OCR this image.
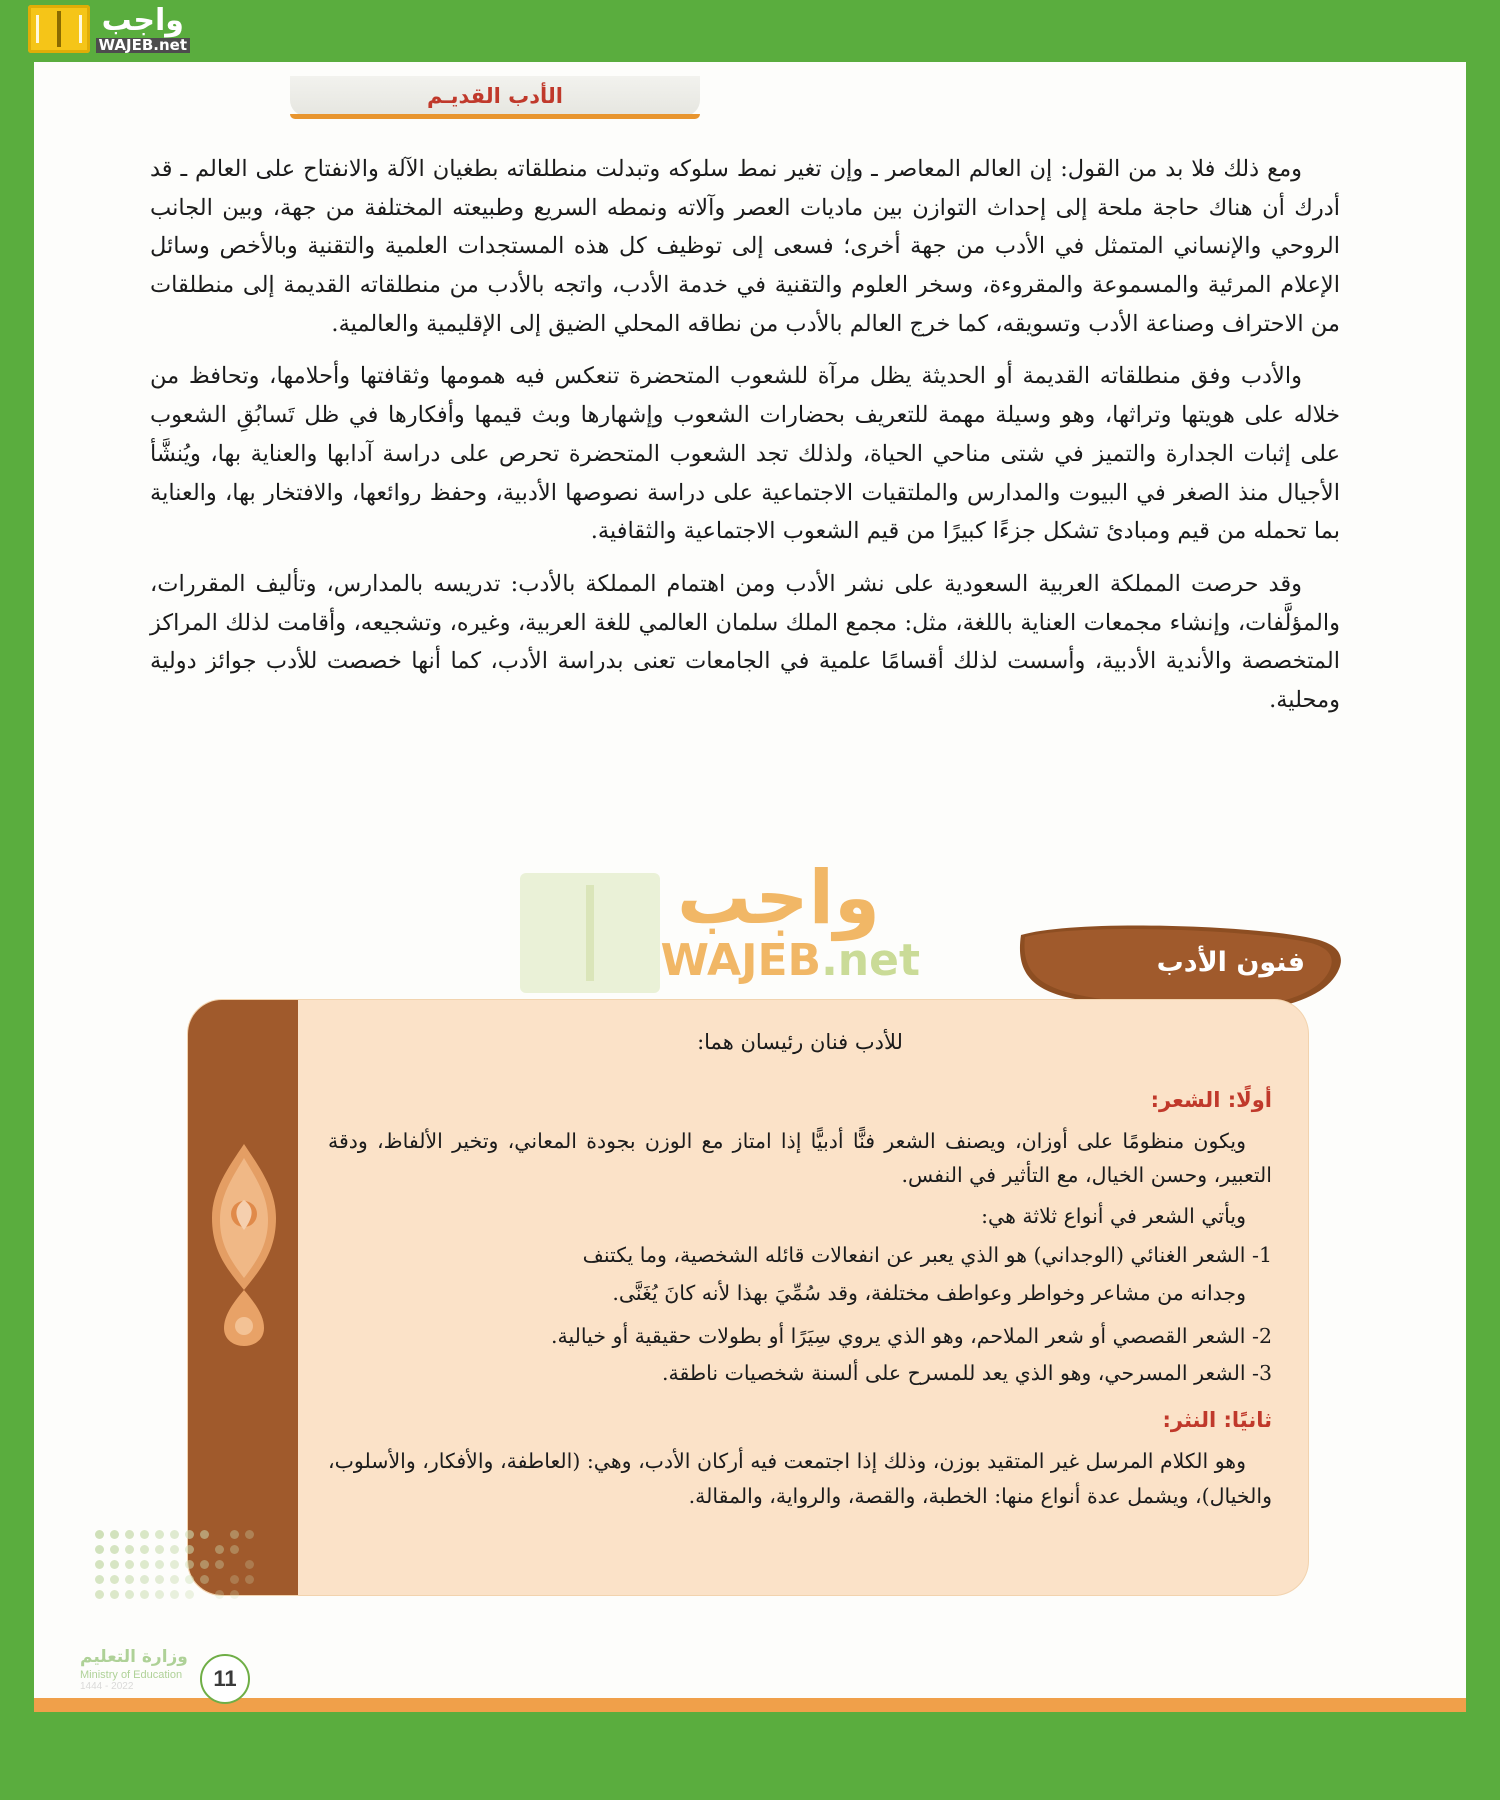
واجب
WAJEB.net
الأدب القديـم

ومع ذلك فلا بد من القول: إن العالم المعاصر ـ وإن تغير نمط سلوكه وتبدلت منطلقاته بطغيان الآلة والانفتاح على العالم ـ قد أدرك أن هناك حاجة ملحة إلى إحداث التوازن بين ماديات العصر وآلاته ونمطه السريع وطبيعته المختلفة من جهة، وبين الجانب الروحي والإنساني المتمثل في الأدب من جهة أخرى؛ فسعى إلى توظيف كل هذه المستجدات العلمية والتقنية وبالأخص وسائل الإعلام المرئية والمسموعة والمقروءة، وسخر العلوم والتقنية في خدمة الأدب، واتجه بالأدب من منطلقاته القديمة إلى منطلقات من الاحتراف وصناعة الأدب وتسويقه، كما خرج العالم بالأدب من نطاقه المحلي الضيق إلى الإقليمية والعالمية.

والأدب وفق منطلقاته القديمة أو الحديثة يظل مرآة للشعوب المتحضرة تنعكس فيه همومها وثقافتها وأحلامها، وتحافظ من خلاله على هويتها وتراثها، وهو وسيلة مهمة للتعريف بحضارات الشعوب وإشهارها وبث قيمها وأفكارها في ظل تَسابُقِ الشعوب على إثبات الجدارة والتميز في شتى مناحي الحياة، ولذلك تجد الشعوب المتحضرة تحرص على دراسة آدابها والعناية بها، ويُنشَّأ الأجيال منذ الصغر في البيوت والمدارس والملتقيات الاجتماعية على دراسة نصوصها الأدبية، وحفظ روائعها، والافتخار بها، والعناية بما تحمله من قيم ومبادئ تشكل جزءًا كبيرًا من قيم الشعوب الاجتماعية والثقافية.

وقد حرصت المملكة العربية السعودية على نشر الأدب ومن اهتمام المملكة بالأدب: تدريسه بالمدارس، وتأليف المقررات، والمؤلَّفات، وإنشاء مجمعات العناية باللغة، مثل: مجمع الملك سلمان العالمي للغة العربية، وغيره، وتشجيعه، وأقامت لذلك المراكز المتخصصة والأندية الأدبية، وأسست لذلك أقسامًا علمية في الجامعات تعنى بدراسة الأدب، كما أنها خصصت للأدب جوائز دولية ومحلية.

واجب
WAJEB.net	فنون الأدب

للأدب فنان رئيسان هما:

أولًا: الشعر:

ويكون منظومًا على أوزان، ويصنف الشعر فنًّا أدبيًّا إذا امتاز مع الوزن بجودة المعاني، وتخير الألفاظ، ودقة التعبير، وحسن الخيال، مع التأثير في النفس.

ويأتي الشعر في أنواع ثلاثة هي:

1- الشعر الغنائي (الوجداني) هو الذي يعبر عن انفعالات قائله الشخصية، وما يكتنف

وجدانه من مشاعر وخواطر وعواطف مختلفة، وقد سُمِّيَ بهذا لأنه كانَ يُغَنَّى.

2- الشعر القصصي أو شعر الملاحم، وهو الذي يروي سِيَرًا أو بطولات حقيقية أو خيالية.

3- الشعر المسرحي، وهو الذي يعد للمسرح على ألسنة شخصيات ناطقة.

ثانيًا: النثر:

وهو الكلام المرسل غير المتقيد بوزن، وذلك إذا اجتمعت فيه أركان الأدب، وهي: (العاطفة، والأفكار، والأسلوب، والخيال)، ويشمل عدة أنواع منها: الخطبة، والقصة، والرواية، والمقالة.

وزارة التعليم
Ministry of Education
2022 - 1444	11
